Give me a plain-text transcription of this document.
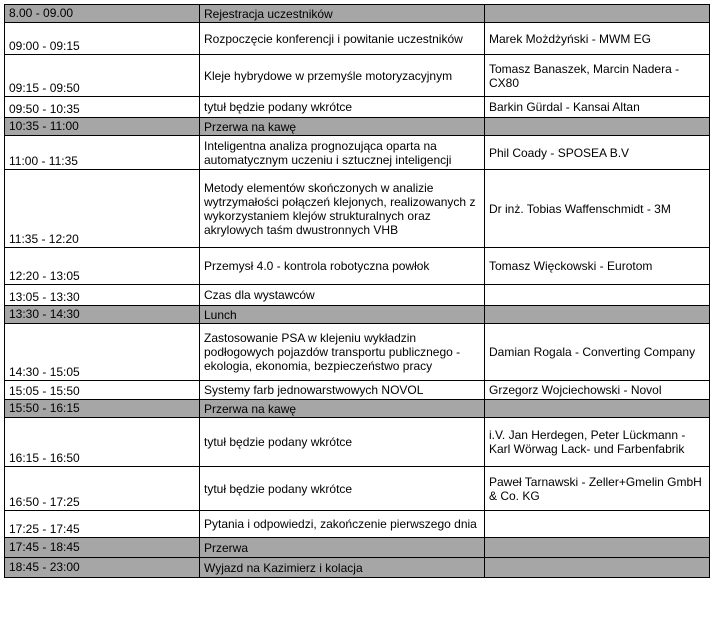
8.00 - 09.00	Rejestracja uczestników	
09:00 - 09:15	Rozpoczęcie konferencji i powitanie uczestników	Marek Możdżyński - MWM EG
09:15 - 09:50	Kleje hybrydowe w przemyśle motoryzacyjnym	Tomasz Banaszek, Marcin Nadera - CX80
09:50 - 10:35	tytuł będzie podany wkrótce	Barkin Gürdal - Kansai Altan
10:35 - 11:00	Przerwa na kawę	
11:00 - 11:35	Inteligentna analiza prognozująca oparta na automatycznym uczeniu i sztucznej inteligencji	Phil Coady - SPOSEA B.V
11:35 - 12:20	Metody elementów skończonych w analizie wytrzymałości połączeń klejonych, realizowanych z wykorzystaniem klejów strukturalnych oraz akrylowych taśm dwustronnych VHB	Dr inż. Tobias Waffenschmidt - 3M
12:20 - 13:05	Przemysł 4.0 - kontrola robotyczna powłok	Tomasz Więckowski - Eurotom
13:05 - 13:30	Czas dla wystawców	
13:30 - 14:30	Lunch	
14:30 - 15:05	Zastosowanie PSA w klejeniu wykładzin podłogowych pojazdów transportu publicznego - ekologia, ekonomia, bezpieczeństwo pracy	Damian Rogala - Converting Company
15:05 - 15:50	Systemy farb jednowarstwowych NOVOL	Grzegorz Wojciechowski - Novol
15:50 - 16:15	Przerwa na kawę	
16:15 - 16:50	tytuł będzie podany wkrótce	i.V. Jan Herdegen, Peter Lückmann - Karl Wörwag Lack- und Farbenfabrik
16:50 - 17:25	tytuł będzie podany wkrótce	Paweł Tarnawski - Zeller+Gmelin GmbH & Co. KG
17:25 - 17:45	Pytania i odpowiedzi, zakończenie pierwszego dnia	
17:45 - 18:45	Przerwa	
18:45 - 23:00	Wyjazd na Kazimierz i kolacja	
